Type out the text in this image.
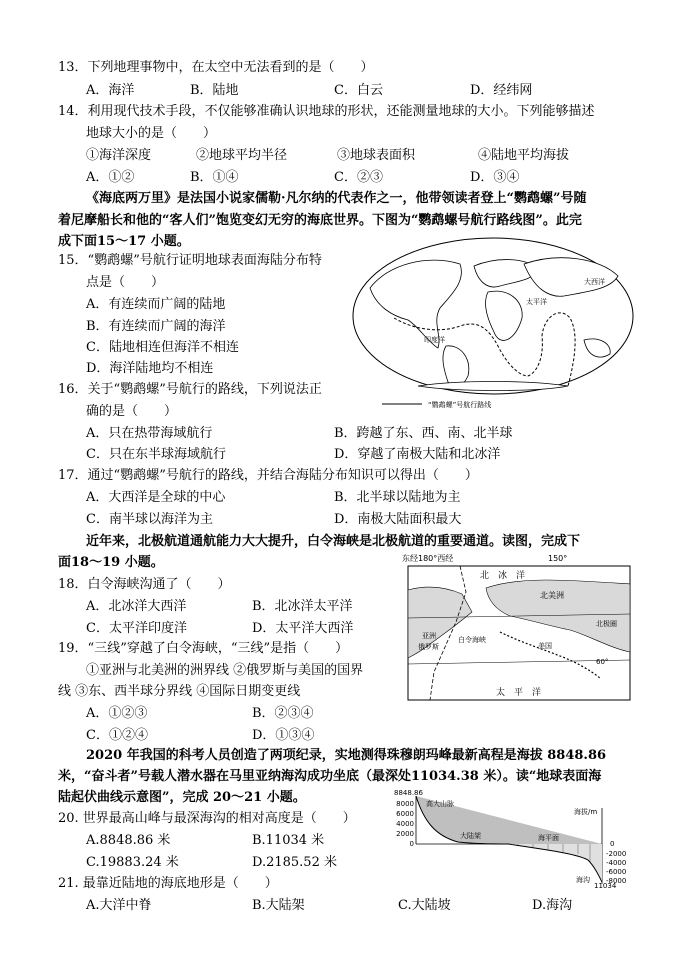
13．下列地理事物中，在太空中无法看到的是（　　）
A．海洋	B．陆地	C．白云	D．经纬网
14．利用现代技术手段，不仅能够准确认识地球的形状，还能测量地球的大小。下列能够描述
地球大小的是（　　）
①海洋深度	②地球平均半径	③地球表面积	④陆地平均海拔
A．①②	B．①④	C．②③	D．③④
《海底两万里》是法国小说家儒勒·凡尔纳的代表作之一，他带领读者登上“鹦鹉螺”号随
着尼摩船长和他的“客人们”饱览变幻无穷的海底世界。下图为“鹦鹉螺号航行路线图”。此完
成下面15～17 小题。
大西洋
太平洋
印度洋
“鹦鹉螺”号航行路线
15．“鹦鹉螺”号航行证明地球表面海陆分布特
点是（　　）
A．有连续而广阔的陆地
B．有连续而广阔的海洋
C．陆地相连但海洋不相连
D．海洋陆地均不相连
16．关于“鹦鹉螺”号航行的路线，下列说法正
确的是（　　）
A．只在热带海域航行	B．跨越了东、西、南、北半球
C．只在东半球海域航行	D．穿越了南极大陆和北冰洋
17．通过“鹦鹉螺”号航行的路线，并结合海陆分布知识可以得出（　　）
A．大西洋是全球的中心	B．北半球以陆地为主
C．南半球以海洋为主	D．南极大陆面积最大
近年来，北极航道通航能力大大提升，白令海峡是北极航道的重要通道。读图，完成下
面18～19 小题。	东经180°西经	150°
北　冰　洋
北美洲
北极圈
亚洲
俄罗斯
白令海峡
美国
60°
太　平　洋
18．白令海峡沟通了（　　）
A．北冰洋大西洋	B．北冰洋太平洋
C．太平洋印度洋	D．太平洋大西洋
19．“三线”穿越了白令海峡，“三线”是指（　　）
①亚洲与北美洲的洲界线 ②俄罗斯与美国的国界
线 ③东、西半球分界线 ④国际日期变更线
A．①②③	B．②③④
C．①②④	D．①③④
2020 年我国的科考人员创造了两项纪录，实地测得珠穆朗玛峰最新高程是海拔 8848.86
米，“奋斗者”号载人潜水器在马里亚纳海沟成功坐底（最深处11034.38 米）。读“地球表面海
陆起伏曲线示意图”，完成 20～21 小题。	8848.86
8000
6000
4000
2000
0
高大山脉
大陆架	海平面
海拔/m
海沟
0
-2000
-4000
-6000
-8000
11034
20. 世界最高山峰与最深海沟的相对高度是（　　）
A.8848.86 米	B.11034 米
C.19883.24 米	D.2185.52 米
21. 最靠近陆地的海底地形是（　　）
A.大洋中脊	B.大陆架	C.大陆坡	D.海沟
